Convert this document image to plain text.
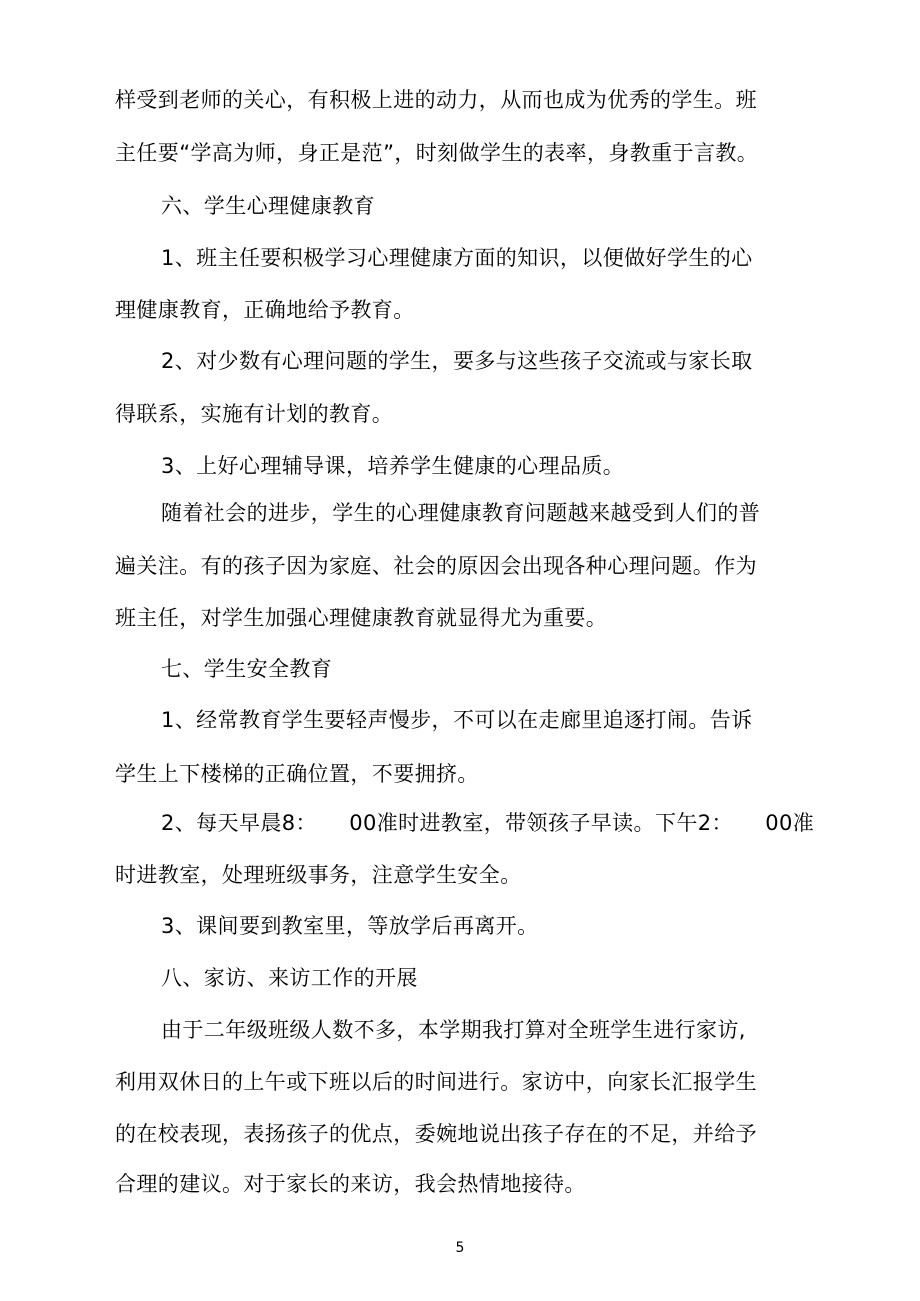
样受到老师的关心，有积极上进的动力，从而也成为优秀的学生。班
主任要“学高为师，身正是范”，时刻做学生的表率，身教重于言教。
六、学生心理健康教育
1、班主任要积极学习心理健康方面的知识，以便做好学生的心
理健康教育，正确地给予教育。
2、对少数有心理问题的学生，要多与这些孩子交流或与家长取
得联系，实施有计划的教育。
3、上好心理辅导课，培养学生健康的心理品质。
随着社会的进步，学生的心理健康教育问题越来越受到人们的普
遍关注。有的孩子因为家庭、社会的原因会出现各种心理问题。作为
班主任，对学生加强心理健康教育就显得尤为重要。
七、学生安全教育
1、经常教育学生要轻声慢步，不可以在走廊里追逐打闹。告诉
学生上下楼梯的正确位置，不要拥挤。
2、每天早晨8：　　00准时进教室，带领孩子早读。下午2：　　00准
时进教室，处理班级事务，注意学生安全。
3、课间要到教室里，等放学后再离开。
八、家访、来访工作的开展
由于二年级班级人数不多，本学期我打算对全班学生进行家访,
利用双休日的上午或下班以后的时间进行。家访中，向家长汇报学生
的在校表现，表扬孩子的优点，委婉地说出孩子存在的不足，并给予
合理的建议。对于家长的来访，我会热情地接待。
5
